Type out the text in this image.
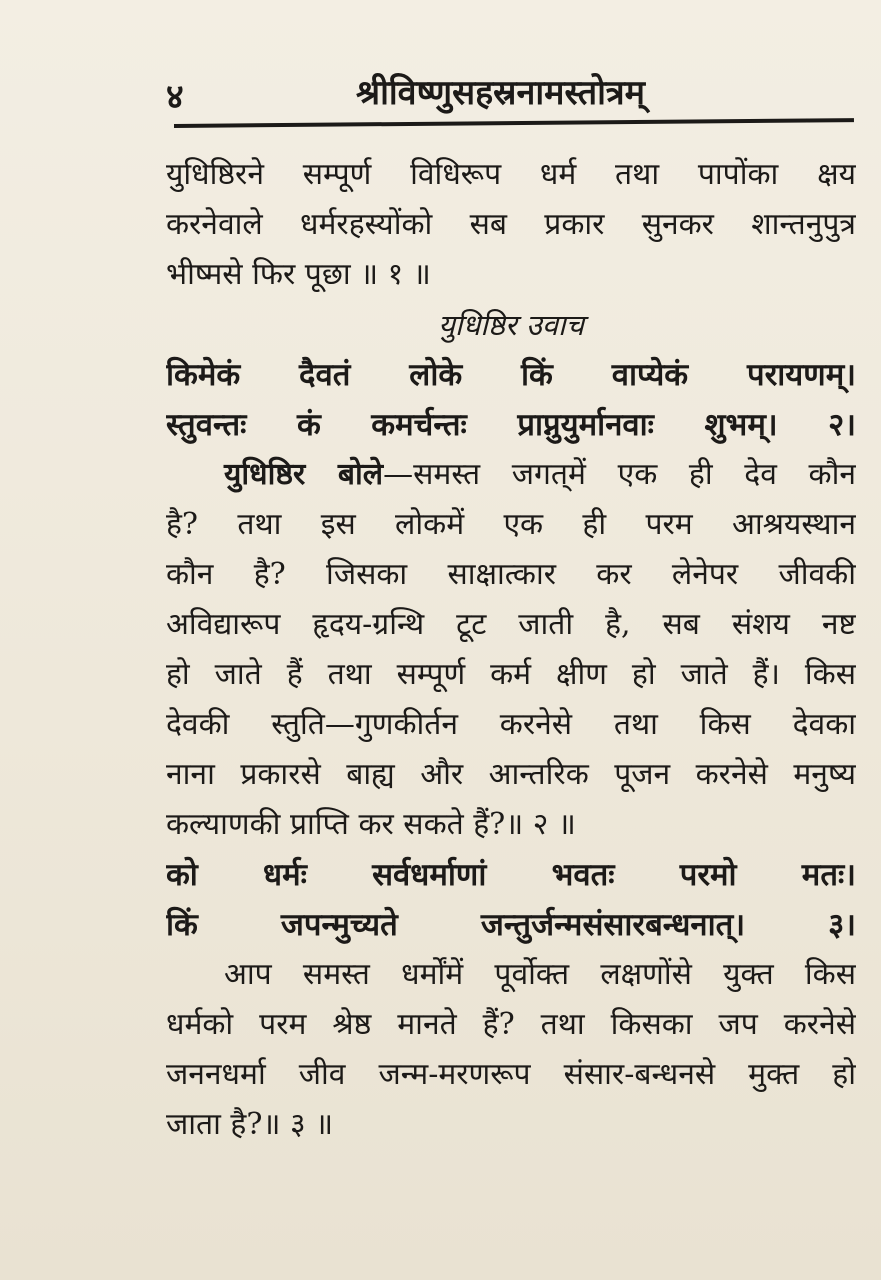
४	श्रीविष्णुसहस्रनामस्तोत्रम्
युधिष्ठिरने सम्पूर्ण विधिरूप धर्म तथा पापोंका क्षय
करनेवाले धर्मरहस्योंको सब प्रकार सुनकर शान्तनुपुत्र
भीष्मसे फिर पूछा ॥ १ ॥
युधिष्ठिर उवाच
किमेकं दैवतं लोके किं वाप्येकं परायणम्।
स्तुवन्तः कं कमर्चन्तः प्राप्नुयुर्मानवाः शुभम्। २।
युधिष्ठिर बोले—समस्त जगत्‌में एक ही देव कौन
है? तथा इस लोकमें एक ही परम आश्रयस्थान
कौन है? जिसका साक्षात्कार कर लेनेपर जीवकी
अविद्यारूप हृदय-ग्रन्थि टूट जाती है, सब संशय नष्ट
हो जाते हैं तथा सम्पूर्ण कर्म क्षीण हो जाते हैं। किस
देवकी स्तुति—गुणकीर्तन करनेसे तथा किस देवका
नाना प्रकारसे बाह्य और आन्तरिक पूजन करनेसे मनुष्य
कल्याणकी प्राप्ति कर सकते हैं?॥ २ ॥
को धर्मः सर्वधर्माणां भवतः परमो मतः।
किं जपन्मुच्यते जन्तुर्जन्मसंसारबन्धनात्। ३।
आप समस्त धर्मोंमें पूर्वोक्त लक्षणोंसे युक्त किस
धर्मको परम श्रेष्ठ मानते हैं? तथा किसका जप करनेसे
जननधर्मा जीव जन्म-मरणरूप संसार-बन्धनसे मुक्त हो
जाता है?॥ ३ ॥
